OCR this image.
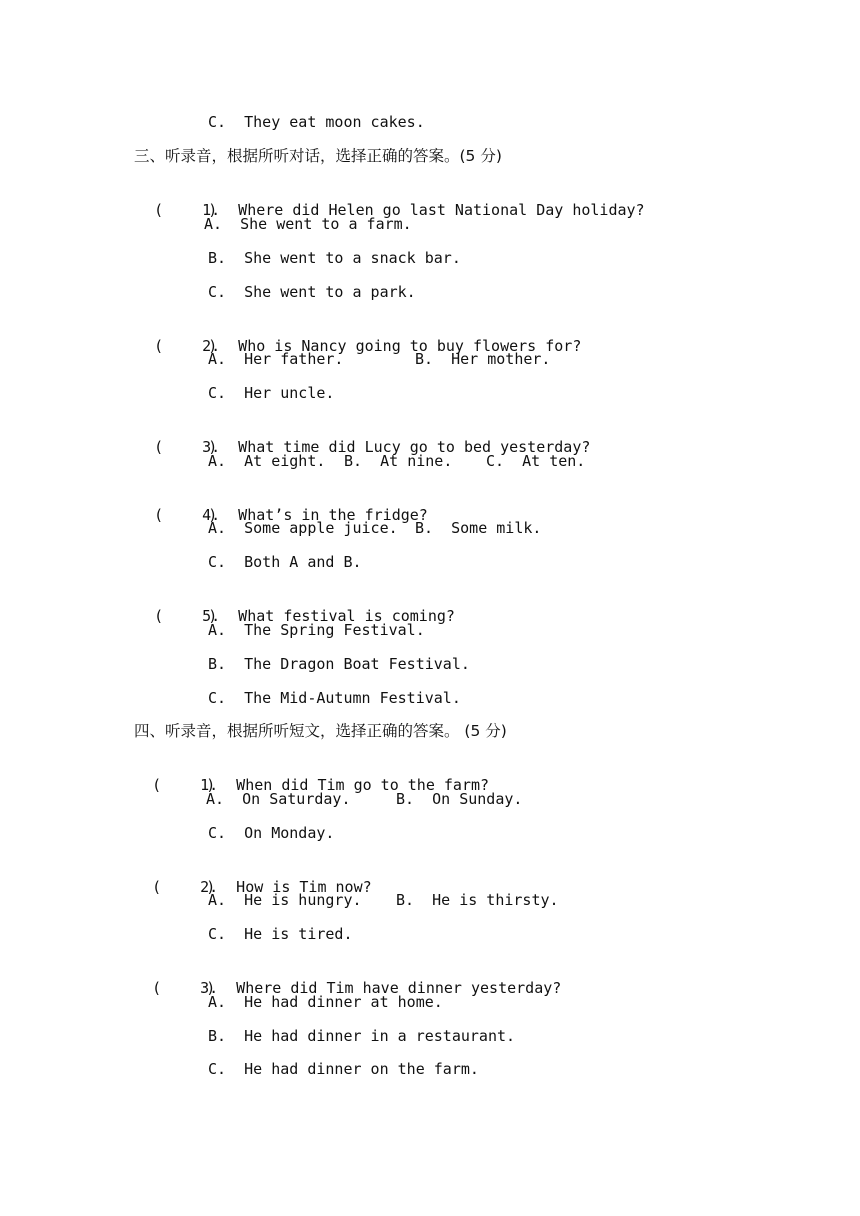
C.  They eat moon cakes.
三、听录音，根据所听对话，选择正确的答案。(5 分)

(     )1.  Where did Helen go last National Day holiday?

A.  She went to a farm.
B.  She went to a snack bar.
C.  She went to a park.

(     )2.  Who is Nancy going to buy flowers for?

A.  Her father.	B.  Her mother.
C.  Her uncle.

(     )3.  What time did Lucy go to bed yesterday?

A.  At eight. B.  At nine. C.  At ten.

(     )4.  What’s in the fridge?

A.  Some apple juice. B.  Some milk.
C.  Both A and B.

(     )5.  What festival is coming?

A.  The Spring Festival.
B.  The Dragon Boat Festival.
C.  The Mid-Autumn Festival.
四、听录音，根据所听短文，选择正确的答案。 (5 分)

(     )1.  When did Tim go to the farm?

A.  On Saturday.	B.  On Sunday.
C.  On Monday.

(     )2.  How is Tim now?

A.  He is hungry. B.  He is thirsty.
C.  He is tired.

(     )3.  Where did Tim have dinner yesterday?

A.  He had dinner at home.
B.  He had dinner in a restaurant.
C.  He had dinner on the farm.
